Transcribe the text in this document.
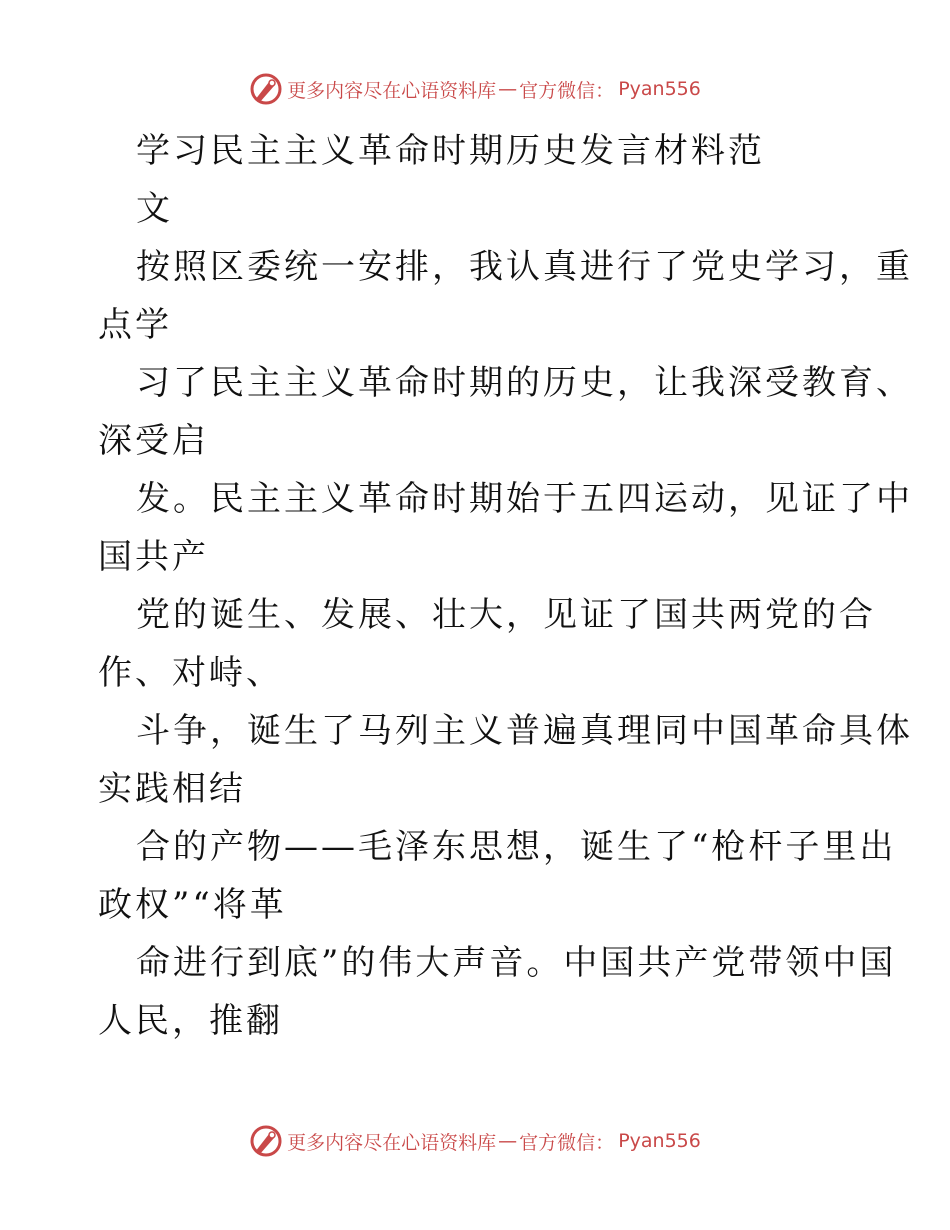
更多内容尽在心语资料库 — 官方微信： Pyan556
学习民主主义革命时期历史发言材料范
文
按照区委统一安排，我认真进行了党史学习，重
点学
习了民主主义革命时期的历史，让我深受教育、
深受启
发。民主主义革命时期始于五四运动，见证了中
国共产
党的诞生、发展、壮大，见证了国共两党的合
作、对峙、
斗争，诞生了马列主义普遍真理同中国革命具体
实践相结
合的产物——毛泽东思想，诞生了“枪杆子里出
政权”“将革
命进行到底”的伟大声音。中国共产党带领中国
人民，推翻
更多内容尽在心语资料库 — 官方微信： Pyan556
